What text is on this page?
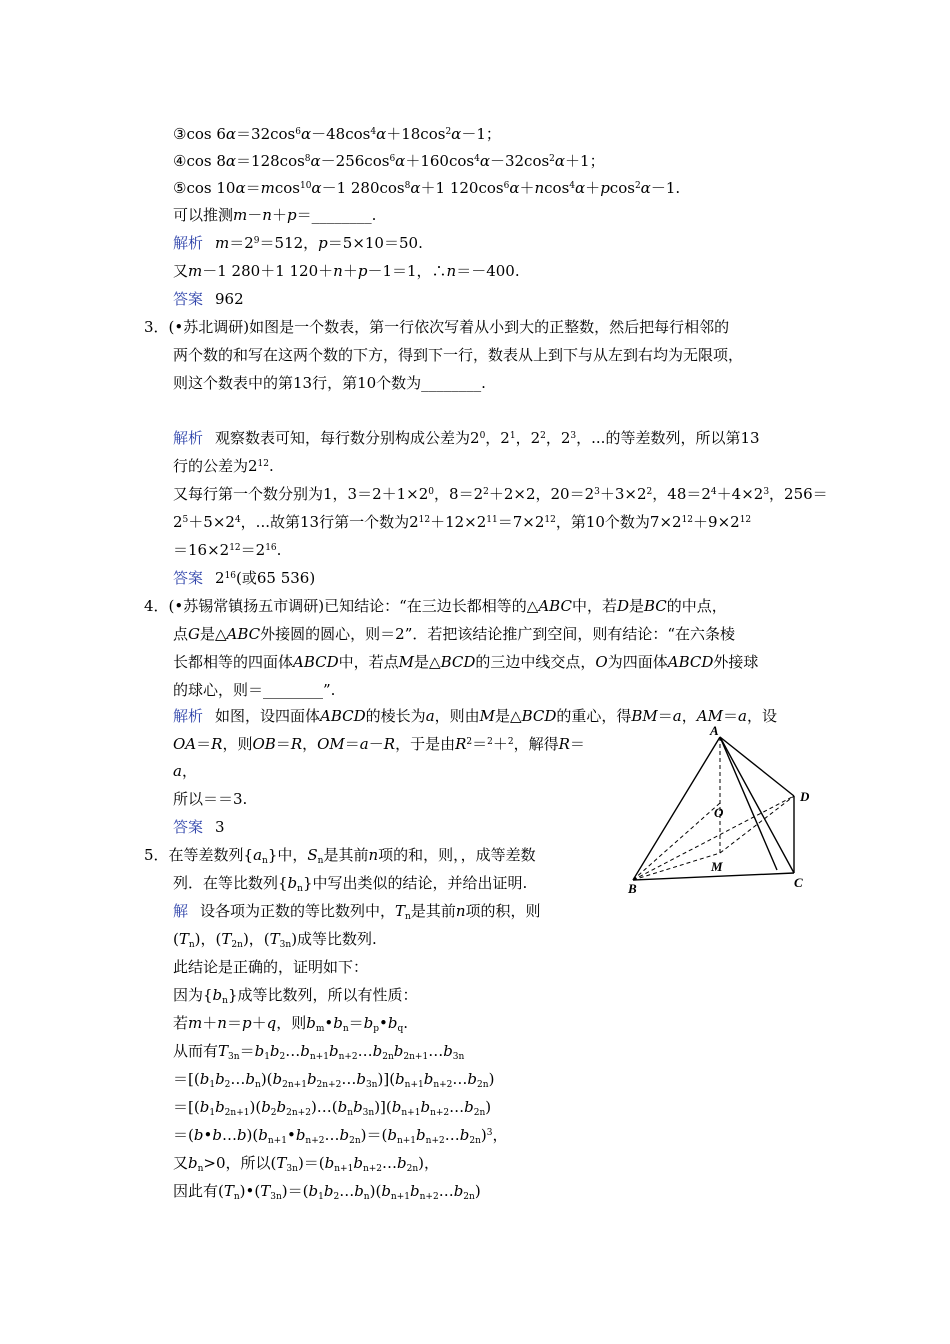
③cos $6\alpha=32\cos^6\alpha-48\cos^4\alpha+18\cos^2\alpha-1$；
④cos $8\alpha=128\cos^8\alpha-256\cos^6\alpha+160\cos^4\alpha-32\cos^2\alpha+1$；
⑤cos 10α＝mcos$^{10}$α－1 $280\cos^8\alpha+1$ $120\cos^6\alpha+ncos^4\alpha+pcos^2\alpha-1$.
可以推测m－n＋p＝________.
解析 $m=2^9=512$，p＝5×10＝50.
又m－1 280＋1 120＋n＋p－1＝1，∴n＝－400.
答案 962
3．(•苏北调研)如图是一个数表，第一行依次写着从小到大的正整数，然后把每行相邻的
两个数的和写在这两个数的下方，得到下一行，数表从上到下与从左到右均为无限项，
则这个数表中的第13行，第10个数为________.
解析 观察数表可知，每行数分别构成公差为$2^0$，$2^1$，$2^2$，$2^3$，...的等差数列，所以第13
行的公差为$2^{12}$.
又每行第一个数分别为1，$3=2+1\times 2^0$，$8=2^2+2\times 2$，$20=2^3+3\times 2^2$，$48=2^4+4\times 2^3$，256＝
$2^5+5\times 2^4$，...故第13行第一个数为$2^{12}+12\times 2^{11}=7\times 2^{12}$，第10个数为$7\times 2^{12}+9\times 2^{12}$
$=16\times 2^{12}=2^{16}$.
答案 $2^{16}$(或65 536)
4．(•苏锡常镇扬五市调研)已知结论：“在三边长都相等的△ABC中，若D是BC的中点，
点G是△ABC外接圆的圆心，则＝2”．若把该结论推广到空间，则有结论：“在六条棱
长都相等的四面体ABCD中，若点M是△BCD的三边中线交点，O为四面体ABCD外接球
的球心，则＝________”.
解析 如图，设四面体ABCD的棱长为a，则由M是△BCD的重心，得BM＝a，AM＝a，设
OA＝R，则OB＝R，OM＝a－R，于是由$R^2=^2+^2$，解得R＝
a，
所以＝＝3.
答案 3
A
B	C
D
O
M
5．在等差数列$\{a_n\}$中，$S_n$是其前n项的和，则，，成等差数
列．在等比数列$\{b_n\}$中写出类似的结论，并给出证明.
解 设各项为正数的等比数列中，$T_n$是其前n项的积，则
$(T_n)$，$(T_{2n})$，$(T_{3n})$成等比数列.
此结论是正确的，证明如下：
因为$\{b_n\}$成等比数列，所以有性质：
若m＋n＝p＋q，则$b_m•b_n=b_p•b_q$.
从而有$T_{3n}=b_1b_2\dots b_{n+1}b_{n+2}\dots b_{2n}b_{2n+1}\dots b_{3n}$
$=[(b_1b_2\dots b_n)(b_{2n+1}b_{2n+2}\dots b_{3n})](b_{n+1}b_{n+2}\dots b_{2n})$
$=[(b_1b_{2n+1})(b_2b_{2n+2})\dots(b_nb_{3n})](b_{n+1}b_{n+2}\dots b_{2n})$
$=(b•b\dots b)(b_{n+1}•b_{n+2}\dots b_{2n})=(b_{n+1}b_{n+2}\dots b_{2n})^3$，
又$b_n>0$，所以$(T_{3n})=(b_{n+1}b_{n+2}\dots b_{2n})$，
因此有$(T_n)•(T_{3n})=(b_1b_2\dots b_n)(b_{n+1}b_{n+2}\dots b_{2n})$
